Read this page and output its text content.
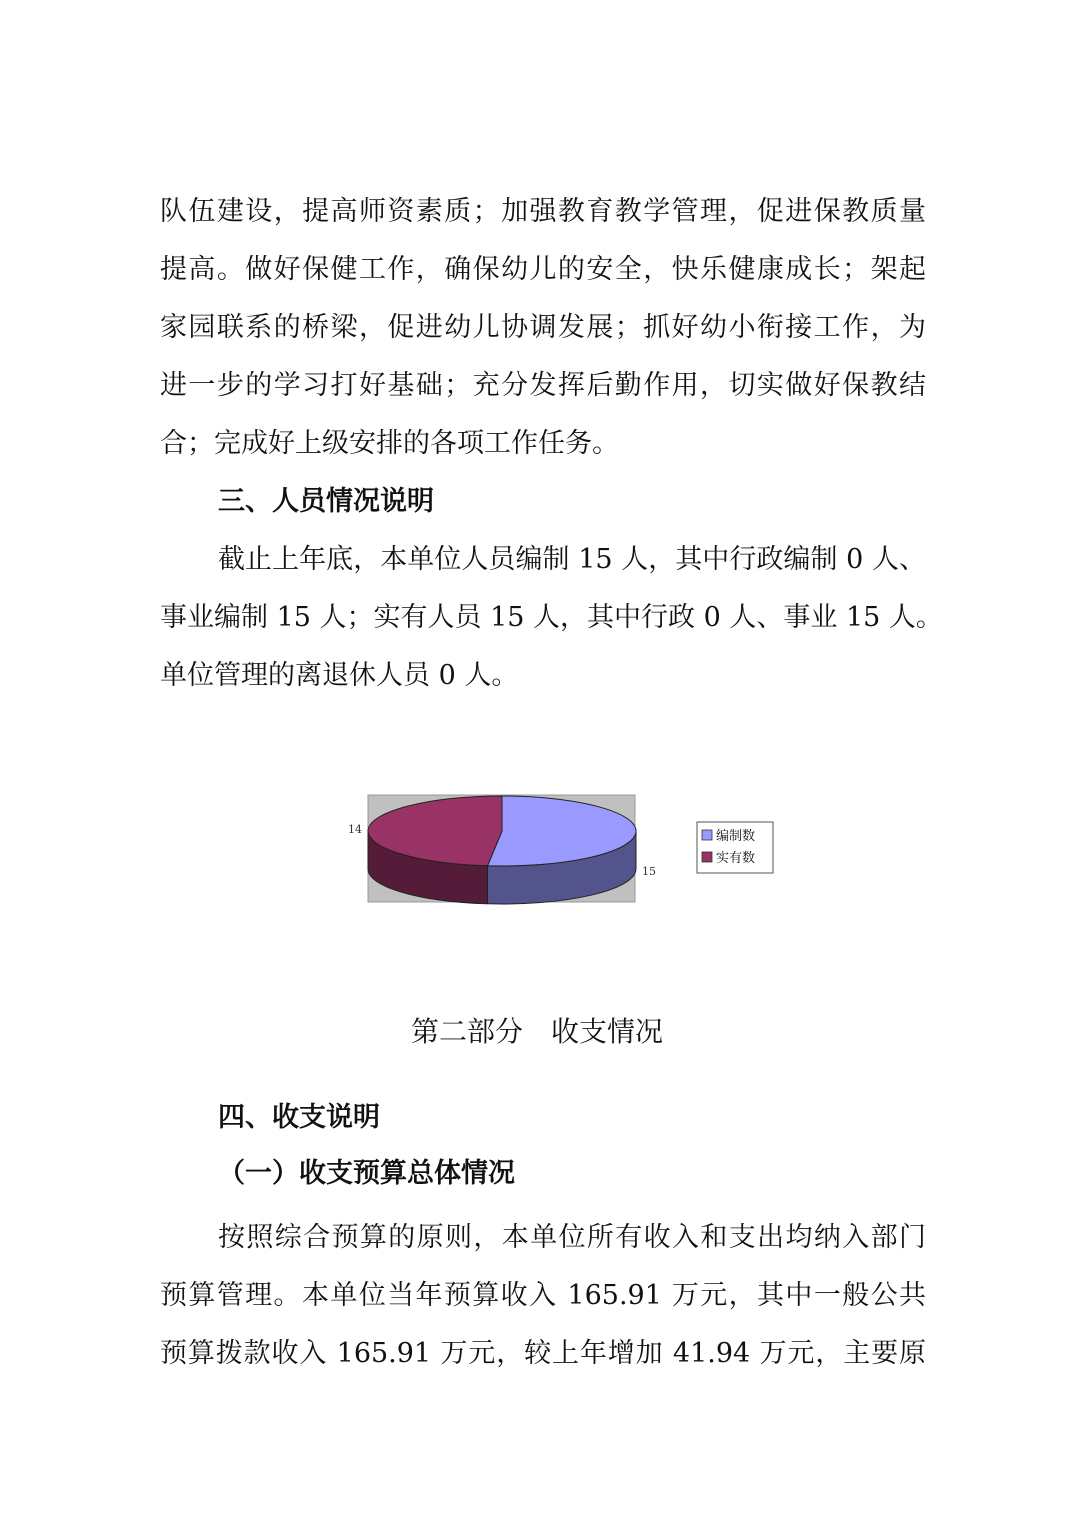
队伍建设，提高师资素质；加强教育教学管理，促进保教质量
提高。做好保健工作，确保幼儿的安全，快乐健康成长；架起
家园联系的桥梁，促进幼儿协调发展；抓好幼小衔接工作，为
进一步的学习打好基础；充分发挥后勤作用，切实做好保教结
合；完成好上级安排的各项工作任务。
三、人员情况说明
截止上年底，本单位人员编制 15 人，其中行政编制 0 人、
事业编制 15 人；实有人员 15 人，其中行政 0 人、事业 15 人。
单位管理的离退休人员 0 人。
15
14	编制数
实有数
第二部分　收支情况
四、收支说明
（一）收支预算总体情况
按照综合预算的原则，本单位所有收入和支出均纳入部门
预算管理。本单位当年预算收入 165.91 万元，其中一般公共
预算拨款收入 165.91 万元，较上年增加 41.94 万元，主要原
